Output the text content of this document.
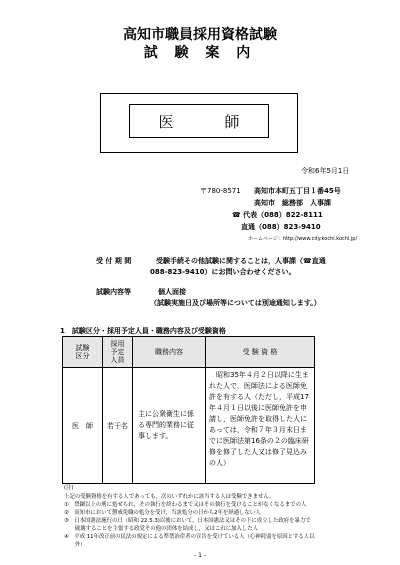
高知市職員採用資格試験
試 験 案 内
医　師
令和6年5月1日
〒780-8571 高知市本町五丁目１番45号
高知市　総務部　人事課
☎ 代表（088）822-8111
直通（088）823-9410
ホームページ：http://www.city.kochi.kochi.jp/
受 付 期 間	受験手続その他試験に関することは，人事課（☎直通
088-823-9410）にお問い合わせください。
試験内容等	個人面接
（試験実施日及び場所等については別途通知します。）
1　試験区分・採用予定人員・職務内容及び受験資格
試験区分	採用予定人員	職務内容	受 験 資 格
医　師	若干名	主に公衆衛生に係る専門的業務に従事します。	　昭和35年４月２日以降に生まれた人で，医師法による医師免許を有する人（ただし，平成17年４月１日以後に医師免許を申請し，医師免許を取得した人にあっては，令和７年３月末日までに医師法第16条の２の臨床研修を修了した人又は修了見込みの人）
(注)
上記の受験資格を有する人であっても，次のいずれかに該当する人は受験できません。
①　禁錮以上の刑に処せられ，その執行を終わるまで又はその執行を受けることがなくなるまでの人
②　高知市において懲戒免職の処分を受け，当該処分の日から2年を経過しない人
③　日本国憲法施行の日（昭和 22.5.3)以後において，日本国憲法又はその下に成立した政府を暴力で
　　破壊することを主張する政党その他の団体を結成し，又はこれに加入した人
④　平成 11年改正前の民法の規定による準禁治産者の宣告を受けている人（心神耗弱を原因とする人以
　　外）
- 1 -
